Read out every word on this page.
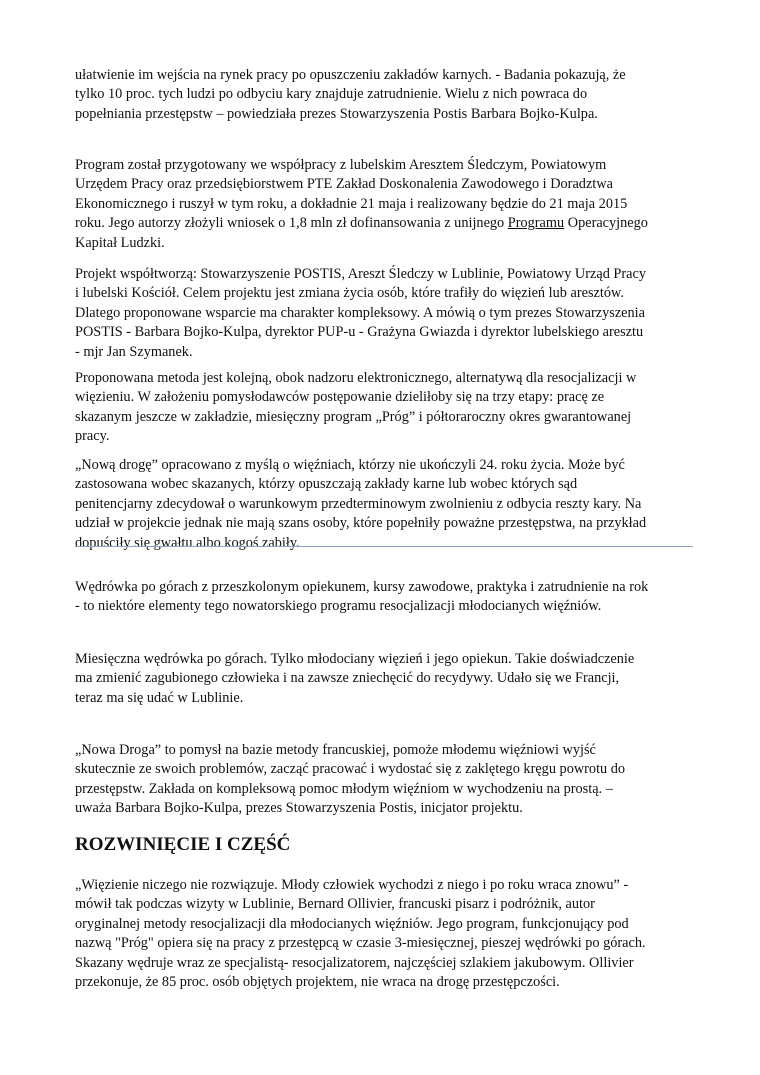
ułatwienie im wejścia na rynek pracy po opuszczeniu zakładów karnych. - Badania pokazują, że
tylko 10 proc. tych ludzi po odbyciu kary znajduje zatrudnienie. Wielu z nich powraca do
popełniania przestępstw – powiedziała prezes Stowarzyszenia Postis Barbara Bojko-Kulpa.
Program został przygotowany we współpracy z lubelskim Aresztem Śledczym, Powiatowym
Urzędem Pracy oraz przedsiębiorstwem PTE Zakład Doskonalenia Zawodowego i Doradztwa
Ekonomicznego i ruszył w tym roku, a dokładnie 21 maja i realizowany będzie do 21 maja 2015
roku. Jego autorzy złożyli wniosek o 1,8 mln zł dofinansowania z unijnego Programu Operacyjnego
Kapitał Ludzki.
Projekt współtworzą: Stowarzyszenie POSTIS, Areszt Śledczy w Lublinie, Powiatowy Urząd Pracy
i lubelski Kościół. Celem projektu jest zmiana życia osób, które trafiły do więzień lub aresztów.
Dlatego proponowane wsparcie ma charakter kompleksowy. A mówią o tym prezes Stowarzyszenia
POSTIS - Barbara Bojko-Kulpa, dyrektor PUP-u - Grażyna Gwiazda i dyrektor lubelskiego aresztu
- mjr Jan Szymanek.
Proponowana metoda jest kolejną, obok nadzoru elektronicznego, alternatywą dla resocjalizacji w
więzieniu. W założeniu pomysłodawców postępowanie dzieliłoby się na trzy etapy: pracę ze
skazanym jeszcze w zakładzie, miesięczny program „Próg” i półtoraroczny okres gwarantowanej
pracy.
„Nową drogę” opracowano z myślą o więźniach, którzy nie ukończyli 24. roku życia. Może być
zastosowana wobec skazanych, którzy opuszczają zakłady karne lub wobec których sąd
penitencjarny zdecydował o warunkowym przedterminowym zwolnieniu z odbycia reszty kary. Na
udział w projekcie jednak nie mają szans osoby, które popełniły poważne przestępstwa, na przykład
dopuściły się gwałtu albo kogoś zabiły.
Wędrówka po górach z przeszkolonym opiekunem, kursy zawodowe, praktyka i zatrudnienie na rok
- to niektóre elementy tego nowatorskiego programu resocjalizacji młodocianych więźniów.
Miesięczna wędrówka po górach. Tylko młodociany więzień i jego opiekun. Takie doświadczenie
ma zmienić zagubionego człowieka i na zawsze zniechęcić do recydywy. Udało się we Francji,
teraz ma się udać w Lublinie.
„Nowa Droga” to pomysł na bazie metody francuskiej, pomoże młodemu więźniowi wyjść
skutecznie ze swoich problemów, zacząć pracować i wydostać się z zaklętego kręgu powrotu do
przestępstw. Zakłada on kompleksową pomoc młodym więźniom w wychodzeniu na prostą. –
uważa Barbara Bojko-Kulpa, prezes Stowarzyszenia Postis, inicjator projektu.
ROZWINIĘCIE I CZĘŚĆ
„Więzienie niczego nie rozwiązuje. Młody człowiek wychodzi z niego i po roku wraca znowu” -
mówił tak podczas wizyty w Lublinie, Bernard Ollivier, francuski pisarz i podróżnik, autor
oryginalnej metody resocjalizacji dla młodocianych więźniów. Jego program, funkcjonujący pod
nazwą "Próg" opiera się na pracy z przestępcą w czasie 3-miesięcznej, pieszej wędrówki po górach.
Skazany wędruje wraz ze specjalistą- resocjalizatorem, najczęściej szlakiem jakubowym. Ollivier
przekonuje, że 85 proc. osób objętych projektem, nie wraca na drogę przestępczości.
